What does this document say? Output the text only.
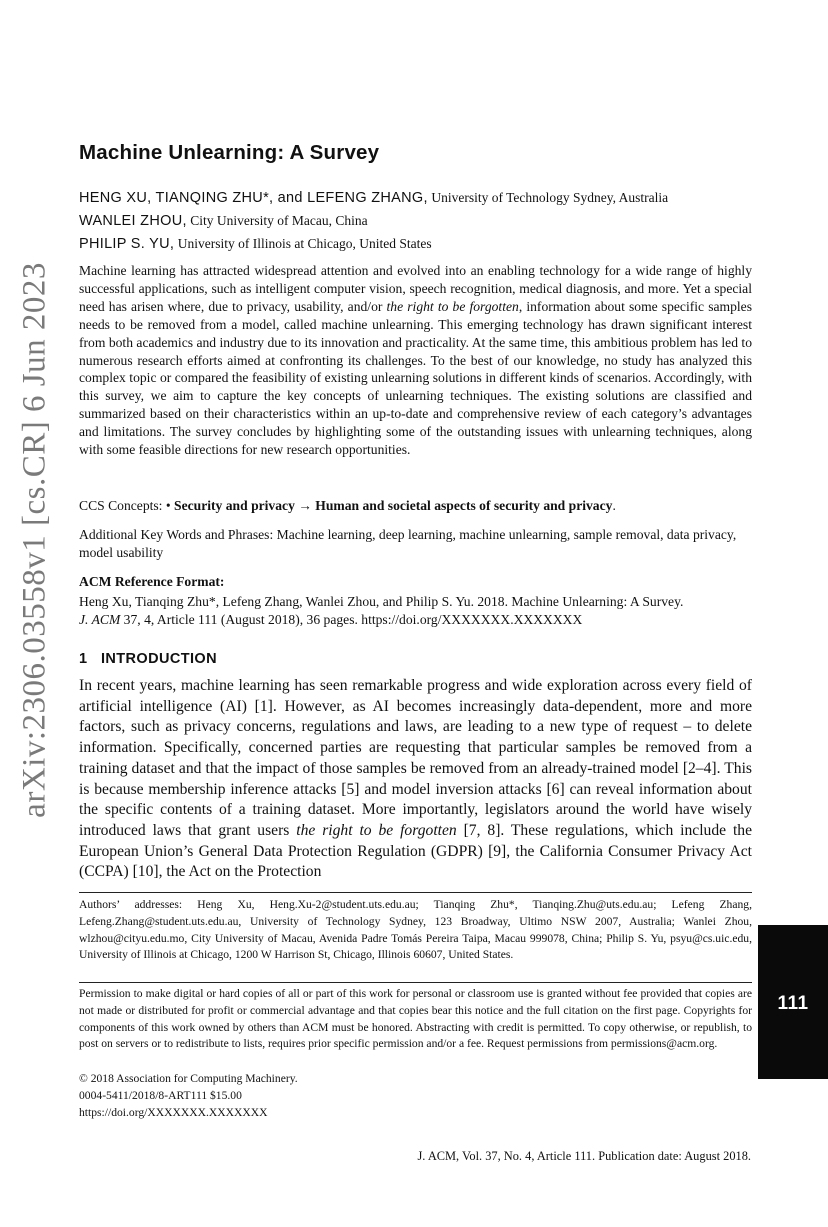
arXiv:2306.03558v1 [cs.CR] 6 Jun 2023
Machine Unlearning: A Survey
HENG XU, TIANQING ZHU*, and LEFENG ZHANG, University of Technology Sydney, Australia
WANLEI ZHOU, City University of Macau, China
PHILIP S. YU, University of Illinois at Chicago, United States

Machine learning has attracted widespread attention and evolved into an enabling technology for a wide range of highly successful applications, such as intelligent computer vision, speech recognition, medical diagnosis, and more. Yet a special need has arisen where, due to privacy, usability, and/or the right to be forgotten, information about some specific samples needs to be removed from a model, called machine unlearning. This emerging technology has drawn significant interest from both academics and industry due to its innovation and practicality. At the same time, this ambitious problem has led to numerous research efforts aimed at confronting its challenges. To the best of our knowledge, no study has analyzed this complex topic or compared the feasibility of existing unlearning solutions in different kinds of scenarios. Accordingly, with this survey, we aim to capture the key concepts of unlearning techniques. The existing solutions are classified and summarized based on their characteristics within an up-to-date and comprehensive review of each category’s advantages and limitations. The survey concludes by highlighting some of the outstanding issues with unlearning techniques, along with some feasible directions for new research opportunities.

CCS Concepts: • Security and privacy → Human and societal aspects of security and privacy.

Additional Key Words and Phrases: Machine learning, deep learning, machine unlearning, sample removal, data privacy, model usability

ACM Reference Format:

Heng Xu, Tianqing Zhu*, Lefeng Zhang, Wanlei Zhou, and Philip S. Yu. 2018. Machine Unlearning: A Survey.
J. ACM 37, 4, Article 111 (August 2018), 36 pages. https://doi.org/XXXXXXX.XXXXXXX

1 INTRODUCTION

In recent years, machine learning has seen remarkable progress and wide exploration across every field of artificial intelligence (AI) [1]. However, as AI becomes increasingly data-dependent, more and more factors, such as privacy concerns, regulations and laws, are leading to a new type of request – to delete information. Specifically, concerned parties are requesting that particular samples be removed from a training dataset and that the impact of those samples be removed from an already-trained model [2–4]. This is because membership inference attacks [5] and model inversion attacks [6] can reveal information about the specific contents of a training dataset. More importantly, legislators around the world have wisely introduced laws that grant users the right to be forgotten [7, 8]. These regulations, which include the European Union’s General Data Protection Regulation (GDPR) [9], the California Consumer Privacy Act (CCPA) [10], the Act on the Protection

Authors’ addresses: Heng Xu, Heng.Xu-2@student.uts.edu.au; Tianqing Zhu*, Tianqing.Zhu@uts.edu.au; Lefeng Zhang, Lefeng.Zhang@student.uts.edu.au, University of Technology Sydney, 123 Broadway, Ultimo NSW 2007, Australia; Wanlei Zhou, wlzhou@cityu.edu.mo, City University of Macau, Avenida Padre Tomás Pereira Taipa, Macau 999078, China; Philip S. Yu, psyu@cs.uic.edu, University of Illinois at Chicago, 1200 W Harrison St, Chicago, Illinois 60607, United States.

Permission to make digital or hard copies of all or part of this work for personal or classroom use is granted without fee provided that copies are not made or distributed for profit or commercial advantage and that copies bear this notice and the full citation on the first page. Copyrights for components of this work owned by others than ACM must be honored. Abstracting with credit is permitted. To copy otherwise, or republish, to post on servers or to redistribute to lists, requires prior specific permission and/or a fee. Request permissions from permissions@acm.org.

© 2018 Association for Computing Machinery.
0004-5411/2018/8-ART111 $15.00
https://doi.org/XXXXXXX.XXXXXXX
J. ACM, Vol. 37, No. 4, Article 111. Publication date: August 2018.
111
